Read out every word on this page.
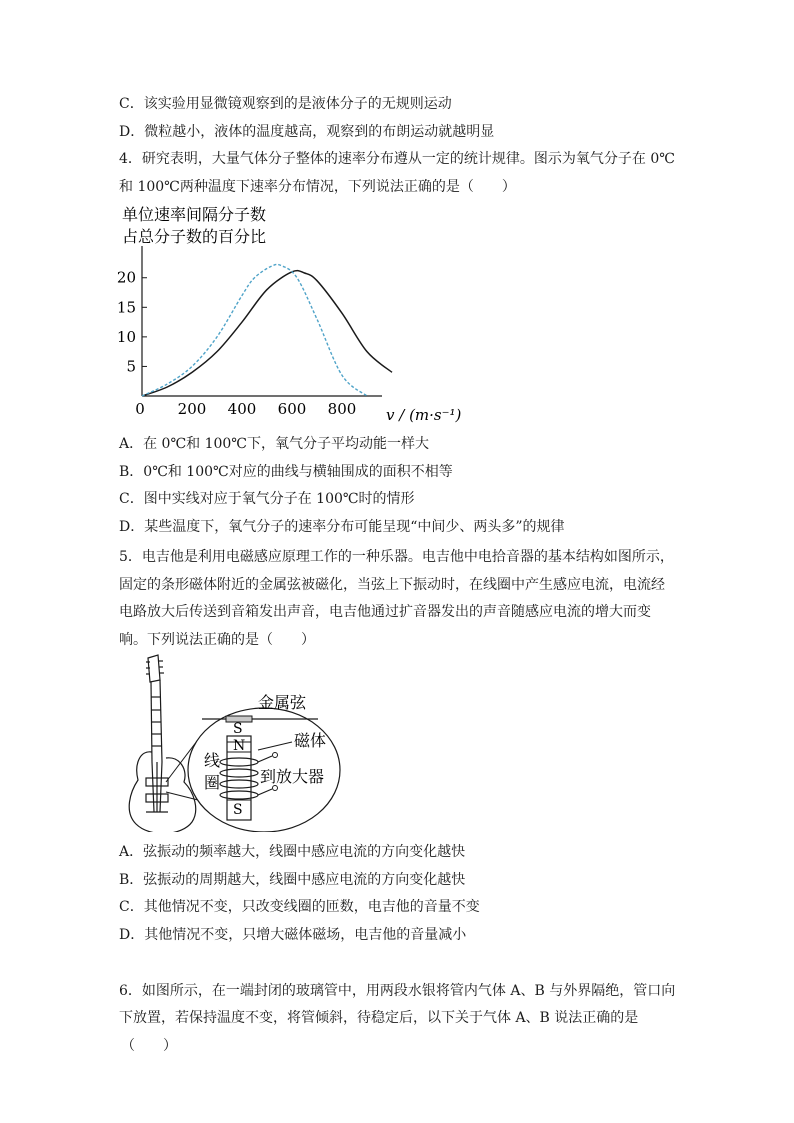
C．该实验用显微镜观察到的是液体分子的无规则运动
D．微粒越小，液体的温度越高，观察到的布朗运动就越明显
4．研究表明，大量气体分子整体的速率分布遵从一定的统计规律。图示为氧气分子在 0℃
和 100℃两种温度下速率分布情况，下列说法正确的是（　　）
单位速率间隔分子数
占总分子数的百分比
5
10
15
20
0 200 400 600 800 v / (m·s⁻¹)
A．在 0℃和 100℃下，氧气分子平均动能一样大
B．0℃和 100℃对应的曲线与横轴围成的面积不相等
C．图中实线对应于氧气分子在 100℃时的情形
D．某些温度下，氧气分子的速率分布可能呈现“中间少、两头多”的规律
5．电吉他是利用电磁感应原理工作的一种乐器。电吉他中电拾音器的基本结构如图所示，
固定的条形磁体附近的金属弦被磁化，当弦上下振动时，在线圈中产生感应电流，电流经
电路放大后传送到音箱发出声音，电吉他通过扩音器发出的声音随感应电流的增大而变
响。下列说法正确的是（　　）
S
N
S
金属弦
磁体
线
圈 到放大器
A．弦振动的频率越大，线圈中感应电流的方向变化越快
B．弦振动的周期越大，线圈中感应电流的方向变化越快
C．其他情况不变，只改变线圈的匝数，电吉他的音量不变
D．其他情况不变，只增大磁体磁场，电吉他的音量减小
6．如图所示，在一端封闭的玻璃管中，用两段水银将管内气体 A、B 与外界隔绝，管口向
下放置，若保持温度不变，将管倾斜，待稳定后，以下关于气体 A、B 说法正确的是
（　　）
